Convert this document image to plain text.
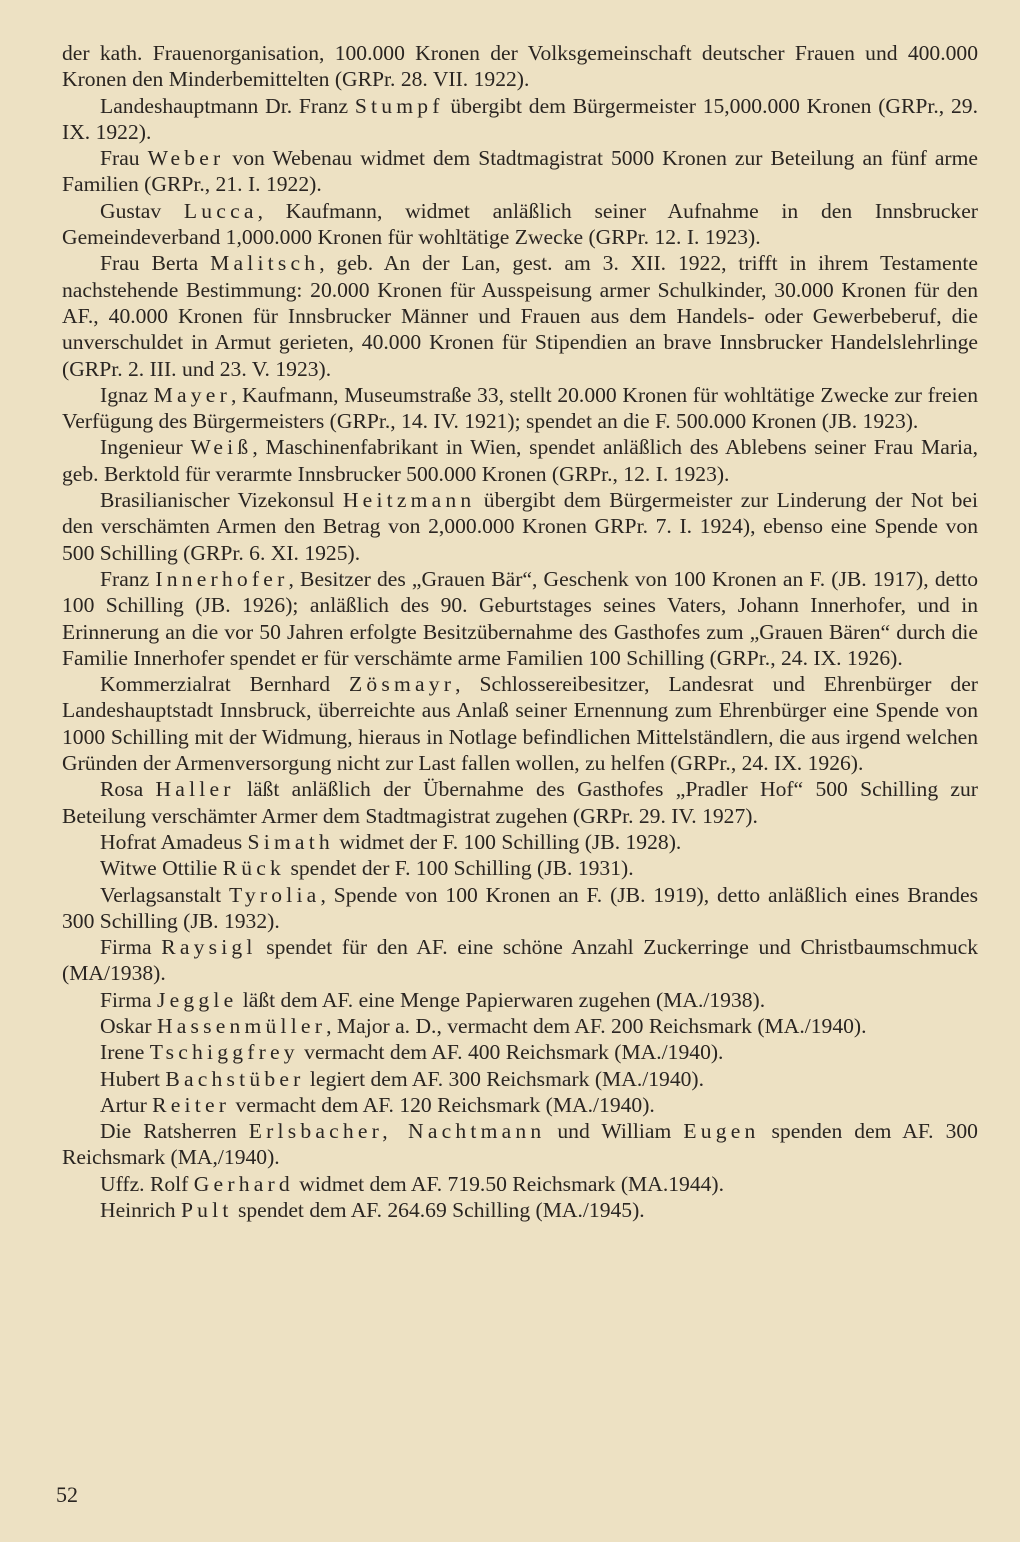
der kath. Frauenorganisation, 100.000 Kronen der Volksgemeinschaft deutscher Frauen und 400.000 Kronen den Minderbemittelten (GRPr. 28. VII. 1922).

Landeshauptmann Dr. Franz Stumpf übergibt dem Bürgermeister 15,000.000 Kronen (GRPr., 29. IX. 1922).

Frau Weber von Webenau widmet dem Stadtmagistrat 5000 Kronen zur Beteilung an fünf arme Familien (GRPr., 21. I. 1922).

Gustav Lucca, Kaufmann, widmet anläßlich seiner Aufnahme in den Innsbrucker Gemeindeverband 1,000.000 Kronen für wohltätige Zwecke (GRPr. 12. I. 1923).

Frau Berta Malitsch, geb. An der Lan, gest. am 3. XII. 1922, trifft in ihrem Testamente nachstehende Bestimmung: 20.000 Kronen für Ausspeisung armer Schulkinder, 30.000 Kronen für den AF., 40.000 Kronen für Innsbrucker Männer und Frauen aus dem Handels- oder Gewerbeberuf, die unverschuldet in Armut gerieten, 40.000 Kronen für Stipendien an brave Innsbrucker Handelslehrlinge (GRPr. 2. III. und 23. V. 1923).

Ignaz Mayer, Kaufmann, Museumstraße 33, stellt 20.000 Kronen für wohltätige Zwecke zur freien Verfügung des Bürgermeisters (GRPr., 14. IV. 1921); spendet an die F. 500.000 Kronen (JB. 1923).

Ingenieur Weiß, Maschinenfabrikant in Wien, spendet anläßlich des Ablebens seiner Frau Maria, geb. Berktold für verarmte Innsbrucker 500.000 Kronen (GRPr., 12. I. 1923).

Brasilianischer Vizekonsul Heitzmann übergibt dem Bürgermeister zur Linderung der Not bei den verschämten Armen den Betrag von 2,000.000 Kronen GRPr. 7. I. 1924), ebenso eine Spende von 500 Schilling (GRPr. 6. XI. 1925).

Franz Innerhofer, Besitzer des „Grauen Bär“, Geschenk von 100 Kronen an F. (JB. 1917), detto 100 Schilling (JB. 1926); anläßlich des 90. Geburtstages seines Vaters, Johann Innerhofer, und in Erinnerung an die vor 50 Jahren erfolgte Besitzübernahme des Gasthofes zum „Grauen Bären“ durch die Familie Innerhofer spendet er für verschämte arme Familien 100 Schilling (GRPr., 24. IX. 1926).

Kommerzialrat Bernhard Zösmayr, Schlossereibesitzer, Landesrat und Ehrenbürger der Landeshauptstadt Innsbruck, überreichte aus Anlaß seiner Ernennung zum Ehrenbürger eine Spende von 1000 Schilling mit der Widmung, hieraus in Notlage befindlichen Mittelständlern, die aus irgend welchen Gründen der Armenversorgung nicht zur Last fallen wollen, zu helfen (GRPr., 24. IX. 1926).

Rosa Haller läßt anläßlich der Übernahme des Gasthofes „Pradler Hof“ 500 Schilling zur Beteilung verschämter Armer dem Stadtmagistrat zugehen (GRPr. 29. IV. 1927).

Hofrat Amadeus Simath widmet der F. 100 Schilling (JB. 1928).

Witwe Ottilie Rück spendet der F. 100 Schilling (JB. 1931).

Verlagsanstalt Tyrolia, Spende von 100 Kronen an F. (JB. 1919), detto anläßlich eines Brandes 300 Schilling (JB. 1932).

Firma Raysigl spendet für den AF. eine schöne Anzahl Zuckerringe und Christbaumschmuck (MA/1938).

Firma Jeggle läßt dem AF. eine Menge Papierwaren zugehen (MA./1938).

Oskar Hassenmüller, Major a. D., vermacht dem AF. 200 Reichsmark (MA./1940).

Irene Tschiggfrey vermacht dem AF. 400 Reichsmark (MA./1940).

Hubert Bachstüber legiert dem AF. 300 Reichsmark (MA./1940).

Artur Reiter vermacht dem AF. 120 Reichsmark (MA./1940).

Die Ratsherren Erlsbacher, Nachtmann und William Eugen spenden dem AF. 300 Reichsmark (MA,/1940).

Uffz. Rolf Gerhard widmet dem AF. 719.50 Reichsmark (MA.1944).

Heinrich Pult spendet dem AF. 264.69 Schilling (MA./1945).

52
